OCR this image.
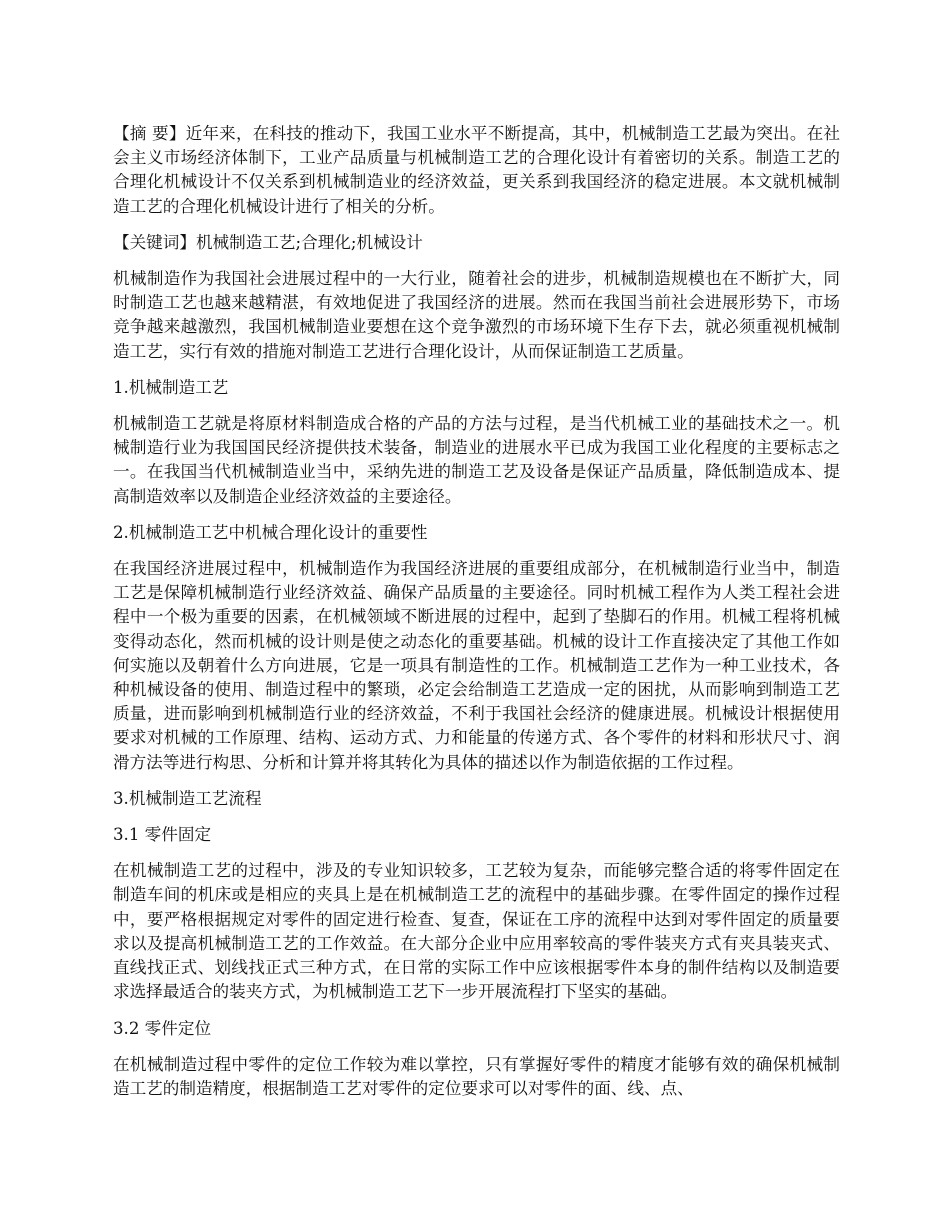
【摘 要】近年来，在科技的推动下，我国工业水平不断提高，其中，机械制造工艺最为突出。在社会主义市场经济体制下，工业产品质量与机械制造工艺的合理化设计有着密切的关系。制造工艺的合理化机械设计不仅关系到机械制造业的经济效益，更关系到我国经济的稳定进展。本文就机械制造工艺的合理化机械设计进行了相关的分析。

【关键词】机械制造工艺;合理化;机械设计

机械制造作为我国社会进展过程中的一大行业，随着社会的进步，机械制造规模也在不断扩大，同时制造工艺也越来越精湛，有效地促进了我国经济的进展。然而在我国当前社会进展形势下，市场竞争越来越激烈，我国机械制造业要想在这个竞争激烈的市场环境下生存下去，就必须重视机械制造工艺，实行有效的措施对制造工艺进行合理化设计，从而保证制造工艺质量。

1.机械制造工艺

机械制造工艺就是将原材料制造成合格的产品的方法与过程，是当代机械工业的基础技术之一。机械制造行业为我国国民经济提供技术装备，制造业的进展水平已成为我国工业化程度的主要标志之一。在我国当代机械制造业当中，采纳先进的制造工艺及设备是保证产品质量，降低制造成本、提高制造效率以及制造企业经济效益的主要途径。

2.机械制造工艺中机械合理化设计的重要性

在我国经济进展过程中，机械制造作为我国经济进展的重要组成部分，在机械制造行业当中，制造工艺是保障机械制造行业经济效益、确保产品质量的主要途径。同时机械工程作为人类工程社会进程中一个极为重要的因素，在机械领域不断进展的过程中，起到了垫脚石的作用。机械工程将机械变得动态化，然而机械的设计则是使之动态化的重要基础。机械的设计工作直接决定了其他工作如何实施以及朝着什么方向进展，它是一项具有制造性的工作。机械制造工艺作为一种工业技术，各种机械设备的使用、制造过程中的繁琐，必定会给制造工艺造成一定的困扰，从而影响到制造工艺质量，进而影响到机械制造行业的经济效益，不利于我国社会经济的健康进展。机械设计根据使用要求对机械的工作原理、结构、运动方式、力和能量的传递方式、各个零件的材料和形状尺寸、润滑方法等进行构思、分析和计算并将其转化为具体的描述以作为制造依据的工作过程。

3.机械制造工艺流程

3.1 零件固定

在机械制造工艺的过程中，涉及的专业知识较多，工艺较为复杂，而能够完整合适的将零件固定在制造车间的机床或是相应的夹具上是在机械制造工艺的流程中的基础步骤。在零件固定的操作过程中，要严格根据规定对零件的固定进行检查、复查，保证在工序的流程中达到对零件固定的质量要求以及提高机械制造工艺的工作效益。在大部分企业中应用率较高的零件装夹方式有夹具装夹式、直线找正式、划线找正式三种方式，在日常的实际工作中应该根据零件本身的制件结构以及制造要求选择最适合的装夹方式，为机械制造工艺下一步开展流程打下坚实的基础。

3.2 零件定位

在机械制造过程中零件的定位工作较为难以掌控，只有掌握好零件的精度才能够有效的确保机械制造工艺的制造精度，根据制造工艺对零件的定位要求可以对零件的面、线、点、
